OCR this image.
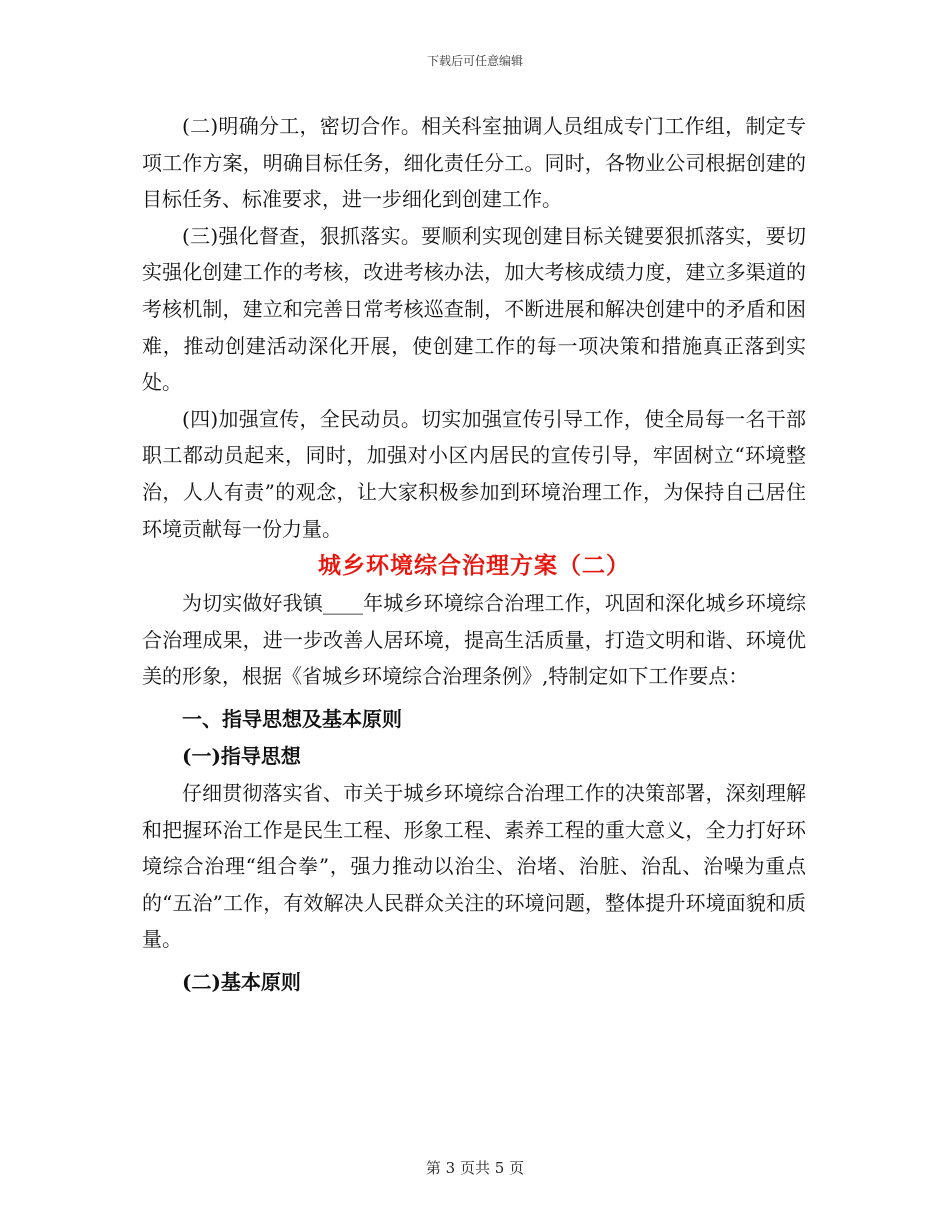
下载后可任意编辑

(二)明确分工，密切合作。相关科室抽调人员组成专门工作组，制定专项工作方案，明确目标任务，细化责任分工。同时，各物业公司根据创建的目标任务、标准要求，进一步细化到创建工作。

(三)强化督查，狠抓落实。要顺利实现创建目标关键要狠抓落实，要切实强化创建工作的考核，改进考核办法，加大考核成绩力度，建立多渠道的考核机制，建立和完善日常考核巡查制，不断进展和解决创建中的矛盾和困难，推动创建活动深化开展，使创建工作的每一项决策和措施真正落到实处。

(四)加强宣传，全民动员。切实加强宣传引导工作，使全局每一名干部职工都动员起来，同时，加强对小区内居民的宣传引导，牢固树立“环境整治，人人有责”的观念，让大家积极参加到环境治理工作，为保持自己居住环境贡献每一份力量。

城乡环境综合治理方案（二）

为切实做好我镇____年城乡环境综合治理工作，巩固和深化城乡环境综合治理成果，进一步改善人居环境，提高生活质量，打造文明和谐、环境优美的形象，根据《省城乡环境综合治理条例》,特制定如下工作要点：

一、指导思想及基本原则

(一)指导思想

仔细贯彻落实省、市关于城乡环境综合治理工作的决策部署，深刻理解和把握环治工作是民生工程、形象工程、素养工程的重大意义，全力打好环境综合治理“组合拳”，强力推动以治尘、治堵、治脏、治乱、治噪为重点的“五治”工作，有效解决人民群众关注的环境问题，整体提升环境面貌和质量。

(二)基本原则

第 3 页共 5 页
